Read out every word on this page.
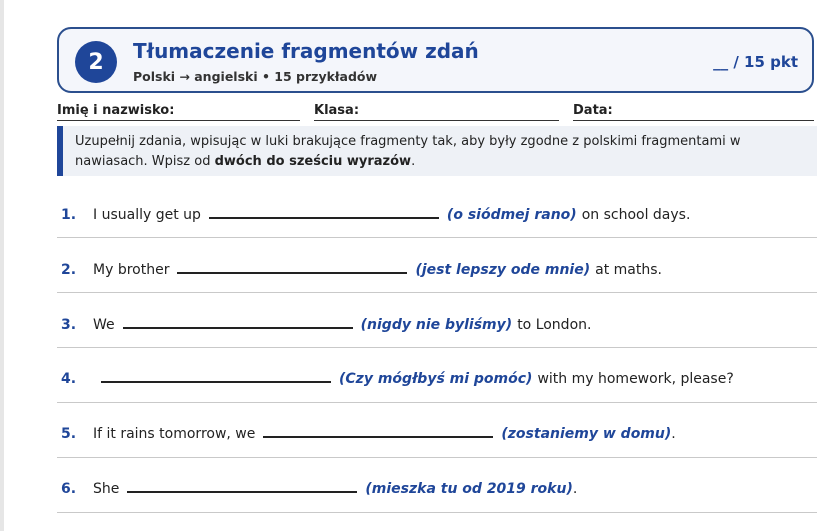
2	Tłumaczenie fragmentów zdań
Polski → angielski • 15 przykładów
__ / 15 pkt
Imię i nazwisko:	Klasa:	Data:
Uzupełnij zdania, wpisując w luki brakujące fragmenty tak, aby były zgodne z polskimi fragmentami w nawiasach. Wpisz od dwóch do sześciu wyrazów.
1.	I usually get up	(o siódmej rano) on school days.
2.	My brother	(jest lepszy ode mnie) at maths.
3.	We	(nigdy nie byliśmy) to London.
4.	(Czy mógłbyś mi pomóc) with my homework, please?
5.	If it rains tomorrow, we	(zostaniemy w domu) .
6.	She	(mieszka tu od 2019 roku) .
